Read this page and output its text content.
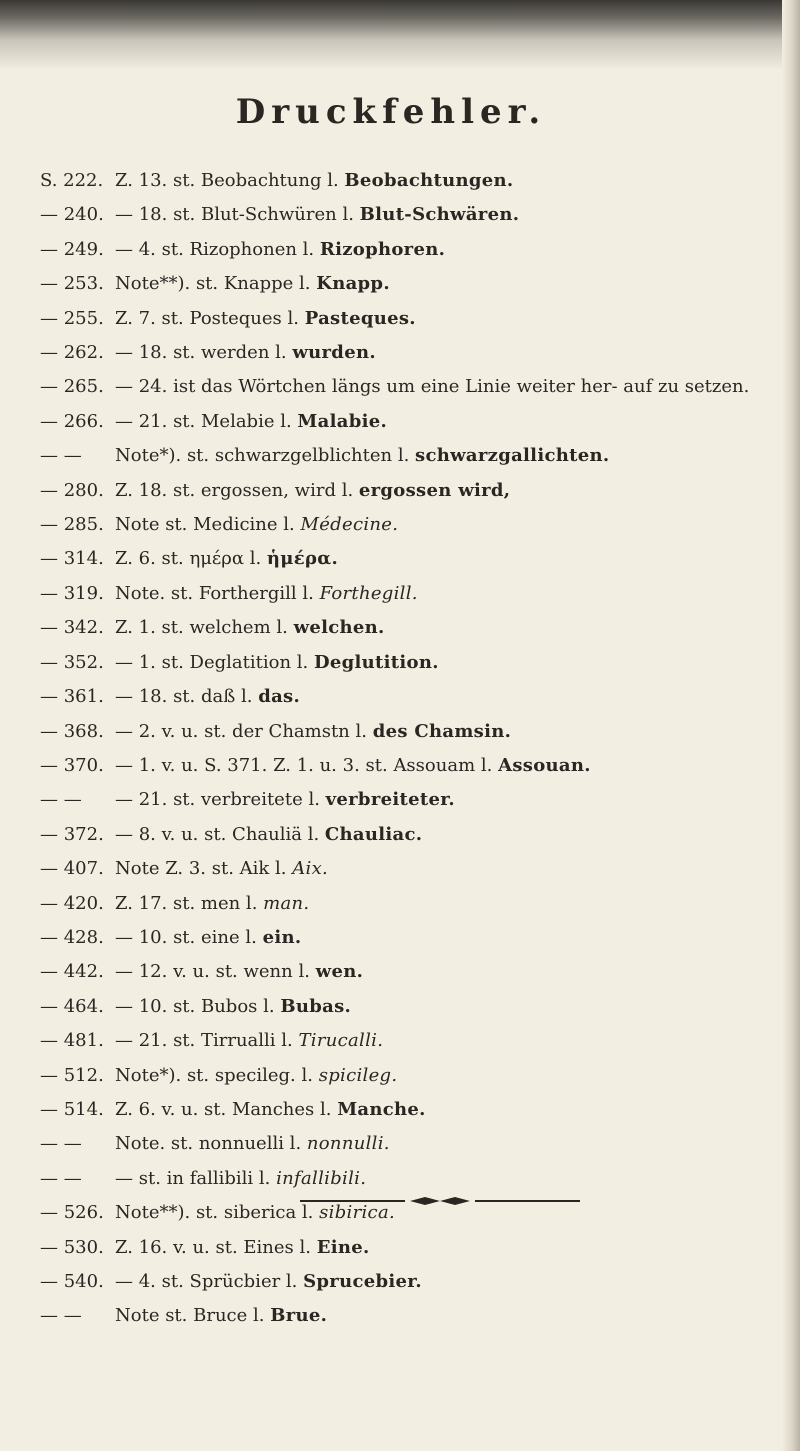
Druckfehler.
S. 222. Z. 13. st. Beobachtung l. Beobachtungen.
— 240. — 18. st. Blut-Schwüren l. Blut-Schwären.
— 249. — 4. st. Rizophonen l. Rizophoren.
— 253. Note**). st. Knappe l. Knapp.
— 255. Z. 7. st. Posteques l. Pasteques.
— 262. — 18. st. werden l. wurden.
— 265. — 24. ist das Wörtchen längs um eine Linie weiter her- auf zu setzen.
— 266. — 21. st. Melabie l. Malabie.
— —	Note*). st. schwarzgelblichten l. schwarzgallichten.
— 280. Z. 18. st. ergossen, wird l. ergossen wird,
— 285. Note st. Medicine l. Médecine.
— 314. Z. 6. st. ημέρα l. ἡμέρα.
— 319. Note. st. Forthergill l. Forthegill.
— 342. Z. 1. st. welchem l. welchen.
— 352. — 1. st. Deglatition l. Deglutition.
— 361. — 18. st. daß l. das.
— 368. — 2. v. u. st. der Chamstn l. des Chamsin.
— 370. — 1. v. u. S. 371. Z. 1. u. 3. st. Assouam l. Assouan.
— —	— 21. st. verbreitete l. verbreiteter.
— 372. — 8. v. u. st. Chauliä l. Chauliac.
— 407. Note Z. 3. st. Aik l. Aix.
— 420. Z. 17. st. men l. man.
— 428. — 10. st. eine l. ein.
— 442. — 12. v. u. st. wenn l. wen.
— 464. — 10. st. Bubos l. Bubas.
— 481. — 21. st. Tirrualli l. Tirucalli.
— 512. Note*). st. specileg. l. spicileg.
— 514. Z. 6. v. u. st. Manches l. Manche.
— —	Note. st. nonnuelli l. nonnulli.
— —	— st. in fallibili l. infallibili.
— 526. Note**). st. siberica l. sibirica.
— 530. Z. 16. v. u. st. Eines l. Eine.
— 540. — 4. st. Sprücbier l. Sprucebier.
— —	Note st. Bruce l. Brue.
